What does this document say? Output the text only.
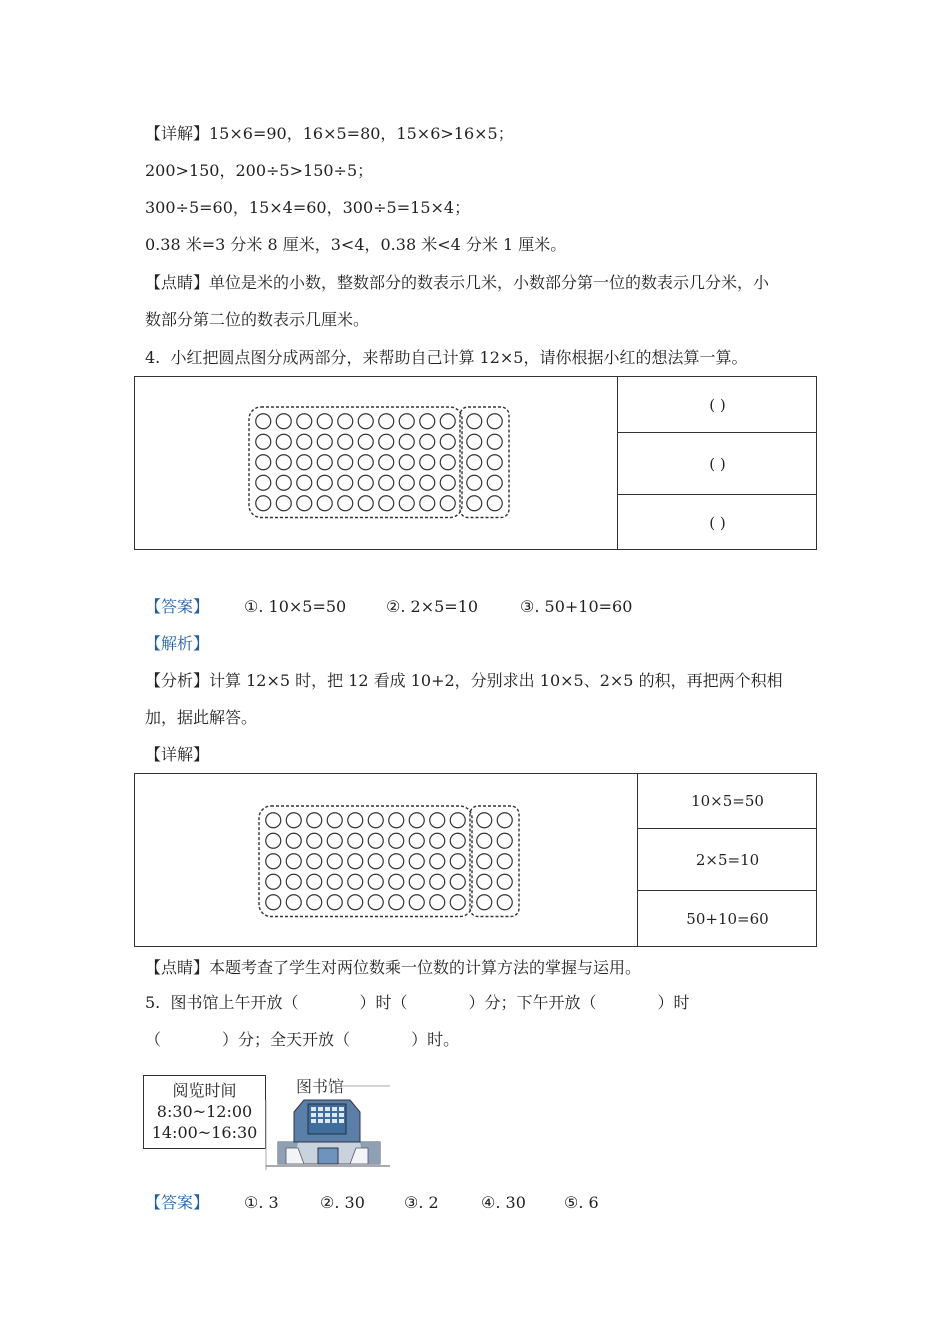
【详解】15×6=90，16×5=80，15×6>16×5；
200>150，200÷5>150÷5；
300÷5=60，15×4=60，300÷5=15×4；
0.38 米=3 分米 8 厘米，3<4，0.38 米<4 分米 1 厘米。
【点睛】单位是米的小数，整数部分的数表示几米，小数部分第一位的数表示几分米，小
数部分第二位的数表示几厘米。
4.  小红把圆点图分成两部分，来帮助自己计算 12×5，请你根据小红的想法算一算。
( )
( )
( )
【答案】 ①. 10×5=50 ②. 2×5=10	③. 50+10=60
【解析】
【分析】计算 12×5 时，把 12 看成 10+2，分别求出 10×5、2×5 的积，再把两个积相
加，据此解答。
【详解】
10×5=50
2×5=10
50+10=60
【点睛】本题考查了学生对两位数乘一位数的计算方法的掌握与运用。
5.  图书馆上午开放（            ）时（            ）分；下午开放（            ）时
（            ）分；全天开放（            ）时。
阅览时间
8:30~12:00
14:00~16:30
图书馆
【答案】 ①. 3	②. 30 ③. 2	④. 30 ⑤. 6
